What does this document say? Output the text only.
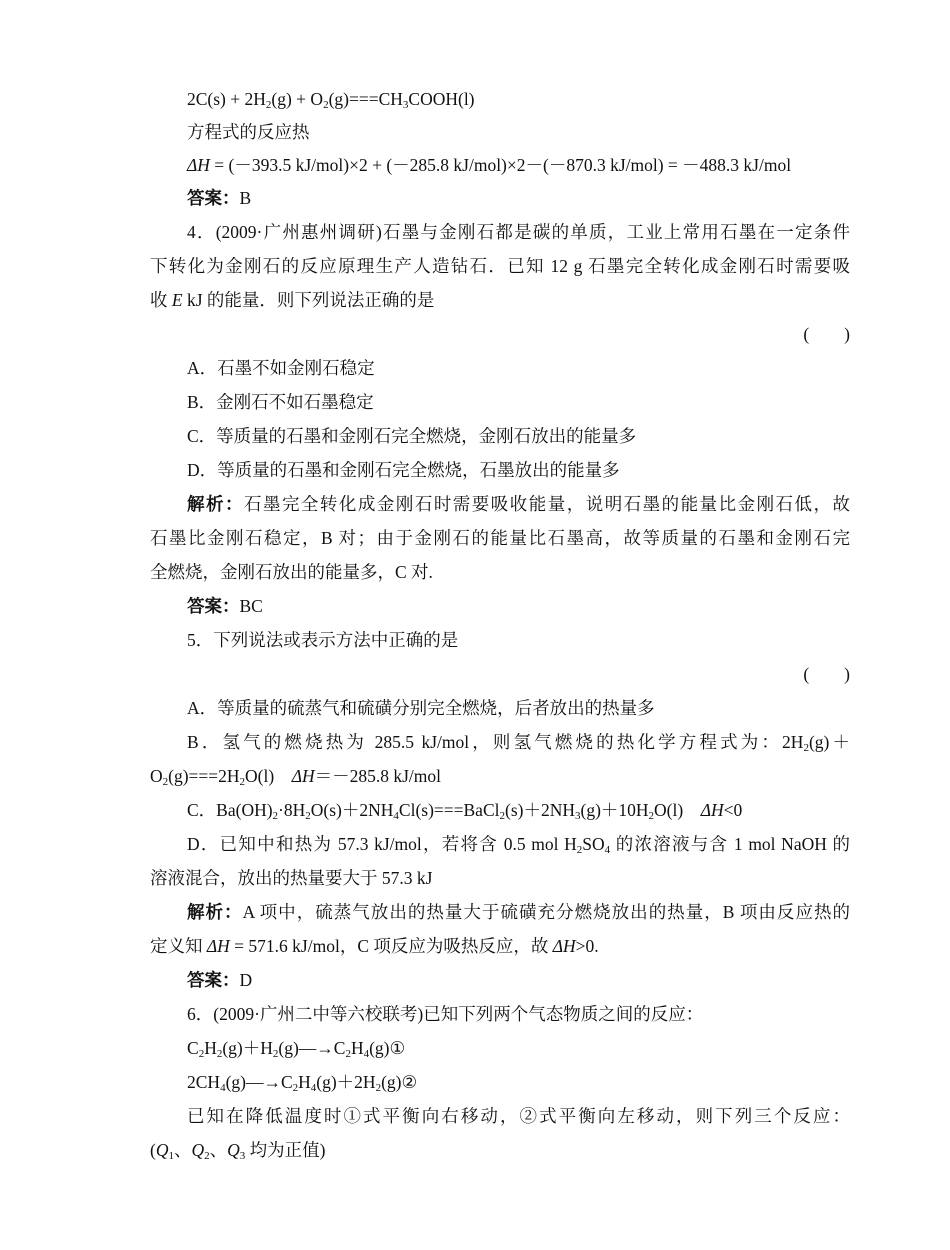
$2C(s) + 2H_2(g)$ + $O_2(g)===CH_3COOH(l)$
方程式的反应热
ΔH = (－393.5 kJ/mol)×2 + (－285.8 kJ/mol)×2－(－870.3 kJ/mol) = －488.3 kJ/mol
答案：B
4．(2009·广州惠州调研)石墨与金刚石都是碳的单质，工业上常用石墨在一定条件
下转化为金刚石的反应原理生产人造钻石．已知 12 g 石墨完全转化成金刚石时需要吸
收 E kJ 的能量．则下列说法正确的是
(　　)
A．石墨不如金刚石稳定
B．金刚石不如石墨稳定
C．等质量的石墨和金刚石完全燃烧，金刚石放出的能量多
D．等质量的石墨和金刚石完全燃烧，石墨放出的能量多
解析：石墨完全转化成金刚石时需要吸收能量，说明石墨的能量比金刚石低，故
石墨比金刚石稳定，B 对；由于金刚石的能量比石墨高，故等质量的石墨和金刚石完
全燃烧，金刚石放出的能量多，C 对.
答案：BC
5．下列说法或表示方法中正确的是
(　　)
A．等质量的硫蒸气和硫磺分别完全燃烧，后者放出的热量多
B．氢气的燃烧热为 285.5 kJ/mol，则氢气燃烧的热化学方程式为：$2H_2(g)+$
$O_2(g)===2H_2O(l)$　ΔH＝－285.8 kJ/mol
C．$Ba(OH)_2\cdot 8H_2O(s)+2NH_4Cl(s)===BaCl_2(s)+2NH_3(g)+10H_2O(l)$　ΔH<0
D．已知中和热为 57.3 kJ/mol，若将含 0.5 mol $H_2SO_4$ 的浓溶液与含 1 mol NaOH 的
溶液混合，放出的热量要大于 57.3 kJ
解析：A 项中，硫蒸气放出的热量大于硫磺充分燃烧放出的热量，B 项由反应热的
定义知 ΔH = 571.6 kJ/mol，C 项反应为吸热反应，故 ΔH>0.
答案：D
6．(2009·广州二中等六校联考)已知下列两个气态物质之间的反应：
$C_2H_2(g)+H_2(g)―\to C_2H_4(g)①$
$2CH_4(g)―\to C_2H_4(g)+2H_2(g)②$
已知在降低温度时①式平衡向右移动，②式平衡向左移动，则下列三个反应：
($Q_1$、$Q_2$、$Q_3$ 均为正值)
